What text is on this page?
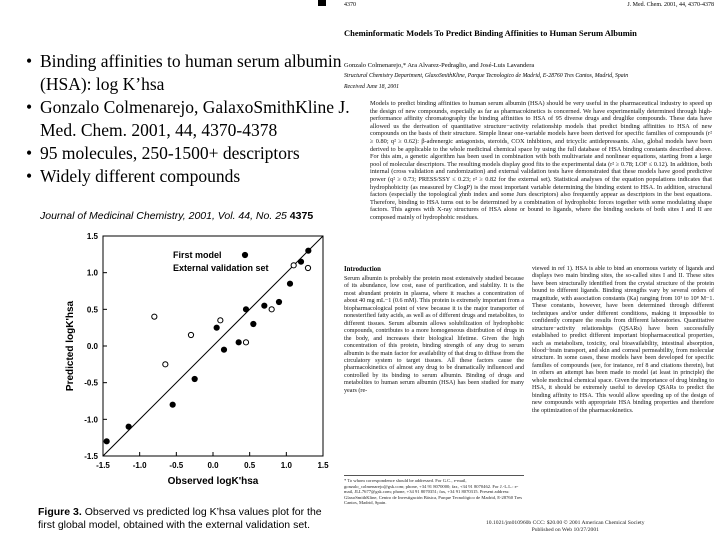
• Binding affinities to human serum albumin (HSA): log K’hsa
• Gonzalo Colmenarejo, GalaxoSmithKline J. Med. Chem. 2001, 44, 4370-4378
• 95 molecules, 250-1500+ descriptors
• Widely different compounds
Journal of Medicinal Chemistry, 2001, Vol. 44, No. 25 4375
-1.5	-1.0	-0.5	0.0	0.5	1.0	1.5
1.5
1.0
0.5
0.0
-0.5
-1.0
-1.5
Observed logK'hsa
Predicted logK'hsa
First model
External validation set
Figure 3. Observed vs predicted log K’hsa values plot for the first global model, obtained with the external validation set.
4370	J. Med. Chem. 2001, 44, 4370-4378
Cheminformatic Models To Predict Binding Affinities to Human Serum Albumin
Gonzalo Colmenarejo,* Ara Alvarez-Pedraglio, and José-Luis Lavandera
Structural Chemistry Department, GlaxoSmithKline, Parque Tecnologico de Madrid, E-28760 Tres Cantos, Madrid, Spain
Received June 18, 2001
Models to predict binding affinities to human serum albumin (HSA) should be very useful in the pharmaceutical industry to speed up the design of new compounds, especially as far as pharmacokinetics is concerned. We have experimentally determined through high-performance affinity chromatography the binding affinities to HSA of 95 diverse drugs and druglike compounds. These data have allowed us the derivation of quantitative structure−activity relationship models that predict binding affinities to HSA of new compounds on the basis of their structure. Simple linear one-variable models have been derived for specific families of compounds (r² ≥ 0.80; q² ≥ 0.62): β-adrenergic antagonists, steroids, COX inhibitors, and tricyclic antidepressants. Also, global models have been derived to be applicable to the whole medicinal chemical space by using the full database of HSA binding constants described above. For this aim, a genetic algorithm has been used in combination with both multivariate and nonlinear equations, starting from a large pool of molecular descriptors. The resulting models display good fits to the experimental data (r² ≥ 0.78; LOF ≤ 0.12). In addition, both internal (cross validation and randomization) and external validation tests have demonstrated that these models have good predictive power (q² ≥ 0.73; PRESS/SSY ≤ 0.23; r² ≥ 0.82 for the external set). Statistical analyses of the equation populations indicates that hydrophobicity (as measured by ClogP) is the most important variable determining the binding extent to HSA. In addition, structural factors (especially the topological χhnb index and some Jurs descriptors) also frequently appear as descriptors in the best equations. Therefore, binding to HSA turns out to be determined by a combination of hydrophobic forces together with some modulating shape factors. This agrees with X-ray structures of HSA alone or bound to ligands, where the binding sockets of both sites I and II are composed mainly of hydrophobic residues.
Introduction
Serum albumin is probably the protein most extensively studied because of its abundance, low cost, ease of purification, and stability. It is the most abundant protein in plasma, where it reaches a concentration of about 40 mg mL−1 (0.6 mM). This protein is extremely important from a biopharmacological point of view because it is the major transporter of nonesterified fatty acids, as well as of different drugs and metabolites, to different tissues. Serum albumin allows solubilization of hydrophobic compounds, contributes to a more homogeneous distribution of drugs in the body, and increases their biological lifetime. Given the high concentration of this protein, binding strength of any drug to serum albumin is the main factor for availability of that drug to diffuse from the circulatory system to target tissues. All these factors cause the pharmacokinetics of almost any drug to be dramatically influenced and controlled by its binding to serum albumin. Binding of drugs and metabolites to human serum albumin (HSA) has been studied for many years (re-
viewed in ref 1). HSA is able to bind an enormous variety of ligands and displays two main binding sites, the so-called sites I and II. These sites have been structurally identified from the crystal structure of the protein bound to different ligands. Binding strengths vary by several orders of magnitude, with association constants (Ka) ranging from 10³ to 10⁸ M−1. These constants, however, have been determined through different techniques and/or under different conditions, making it impossible to confidently compare the results from different laboratories. Quantitative structure−activity relationships (QSARs) have been successfully established to predict different important biopharmaceutical properties, such as metabolism, toxicity, oral bioavailability, intestinal absorption, blood−brain transport, and skin and corneal permeability, from molecular structure. In some cases, these models have been developed for specific families of compounds (see, for instance, ref 8 and citations therein), but in others an attempt has been made to model (at least in principle) the whole medicinal chemical space. Given the importance of drug binding to HSA, it should be extremely useful to develop QSARs to predict the binding affinity to HSA. This would allow speeding up of the design of new compounds with appropriate HSA binding properties and therefore the optimization of the pharmacokinetics.
* To whom correspondence should be addressed. For G.C., e-mail, gonzalo_colmenarejo@gsk.com; phone, +34 91 8070000; fax, +34 91 8070462. For J.-L.L.: e-mail, JLL7677@gsk.com; phone, +34 91 8070351; fax, +34 91 8070315. Present address: GlaxoSmithKline, Centro de Investigación Básica, Parque Tecnológico de Madrid, E-28760 Tres Cantos, Madrid, Spain.
10.1021/jm010960b CCC: $20.00 © 2001 American Chemical Society
Published on Web 10/27/2001
